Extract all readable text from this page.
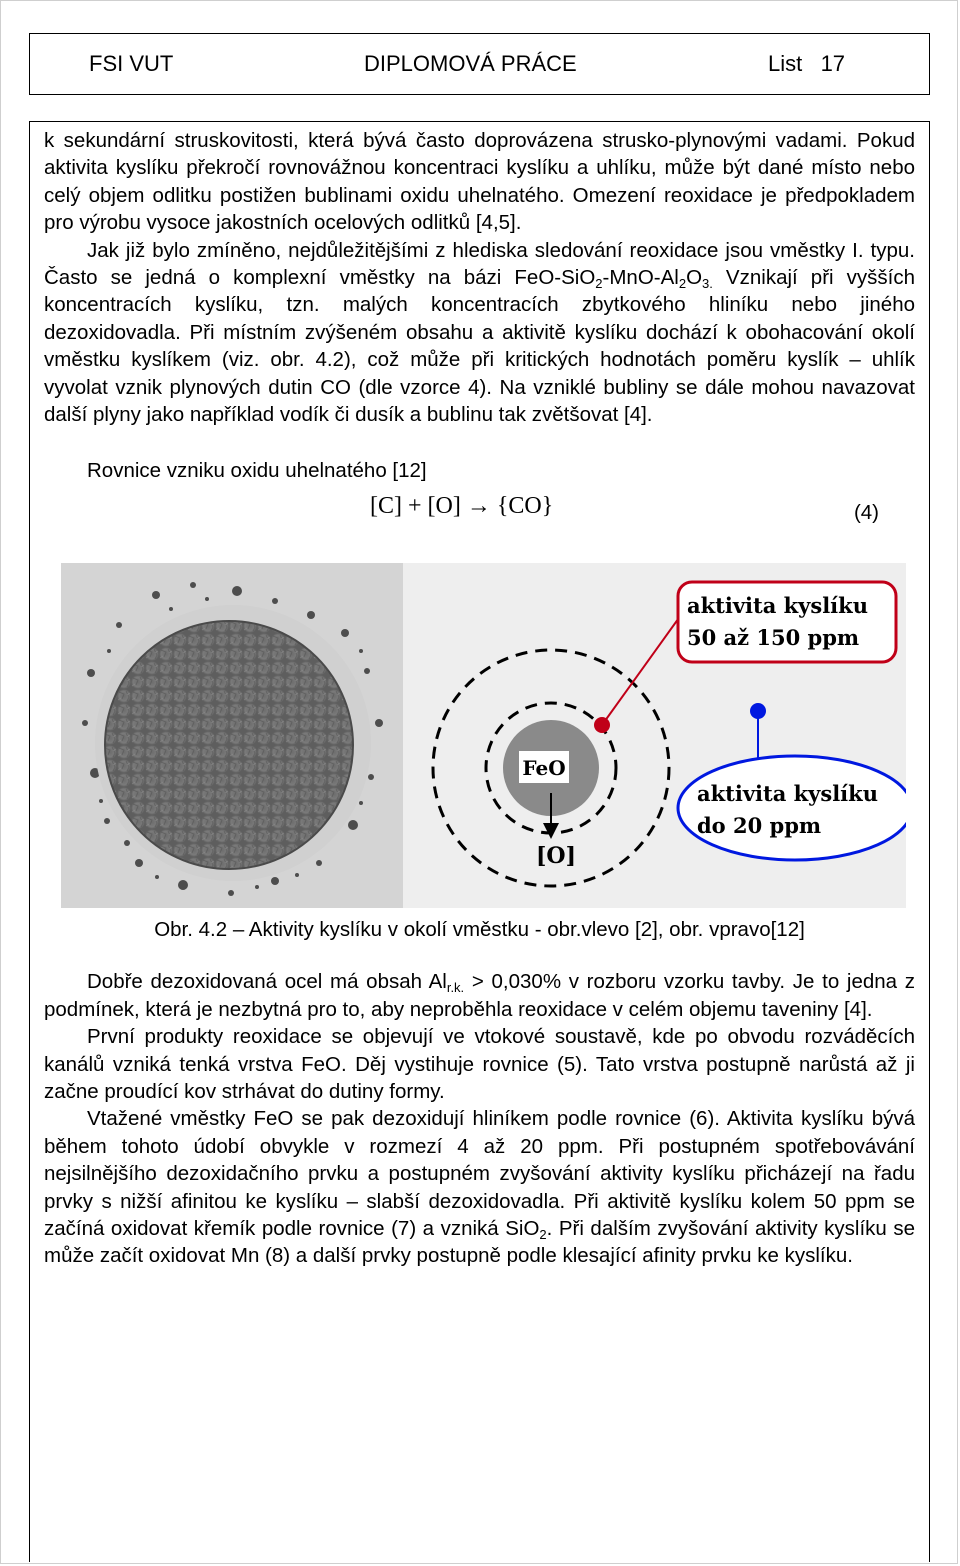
FSI VUT	DIPLOMOVÁ PRÁCE	List   17

k sekundární struskovitosti, která bývá často doprovázena strusko-plynovými vadami. Pokud aktivita kyslíku překročí rovnovážnou koncentraci kyslíku a uhlíku, může být dané místo nebo celý objem odlitku postižen bublinami oxidu uhelnatého. Omezení reoxidace je předpokladem pro výrobu vysoce jakostních ocelových odlitků [4,5].

Jak již bylo zmíněno, nejdůležitějšími z hlediska sledování reoxidace jsou vměstky I. typu. Často se jedná o komplexní vměstky na bázi FeO-$SiO_2-MnO-Al_2O_{3.}$ Vznikají při vyšších koncentracích kyslíku, tzn. malých koncentracích zbytkového hliníku nebo jiného dezoxidovadla. Při místním zvýšeném obsahu a aktivitě kyslíku dochází k obohacování okolí vměstku kyslíkem (viz. obr. 4.2), což může při kritických hodnotách poměru kyslík – uhlík vyvolat vznik plynových dutin CO (dle vzorce 4). Na vzniklé bubliny se dále mohou navazovat další plyny jako například vodík či dusík a bublinu tak zvětšovat [4].

Rovnice vzniku oxidu uhelnatého [12]

[C] + [O] → {CO}	(4)
FeO
[O]
aktivita kyslíku
50 až 150 ppm
aktivita kyslíku
do 20 ppm

Obr. 4.2 – Aktivity kyslíku v okolí vměstku - obr.vlevo [2], obr. vpravo[12]

Dobře dezoxidovaná ocel má obsah $Al_{r.k.} > 0,030\%$ v rozboru vzorku tavby. Je to jedna z podmínek, která je nezbytná pro to, aby neproběhla reoxidace v celém objemu taveniny [4].

První produkty reoxidace se objevují ve vtokové soustavě, kde po obvodu rozváděcích kanálů vzniká tenká vrstva FeO. Děj vystihuje rovnice (5). Tato vrstva postupně narůstá až ji začne proudící kov strhávat do dutiny formy.

Vtažené vměstky FeO se pak dezoxidují hliníkem podle rovnice (6). Aktivita kyslíku bývá během tohoto údobí obvykle v rozmezí 4 až 20 ppm. Při postupném spotřebovávání nejsilnějšího dezoxidačního prvku a postupném zvyšování aktivity kyslíku přicházejí na řadu prvky s nižší afinitou ke kyslíku – slabší dezoxidovadla. Při aktivitě kyslíku kolem 50 ppm se začíná oxidovat křemík podle rovnice (7) a vzniká SiO$_2$. Při dalším zvyšování aktivity kyslíku se může začít oxidovat Mn (8) a další prvky postupně podle klesající afinity prvku ke kyslíku.
